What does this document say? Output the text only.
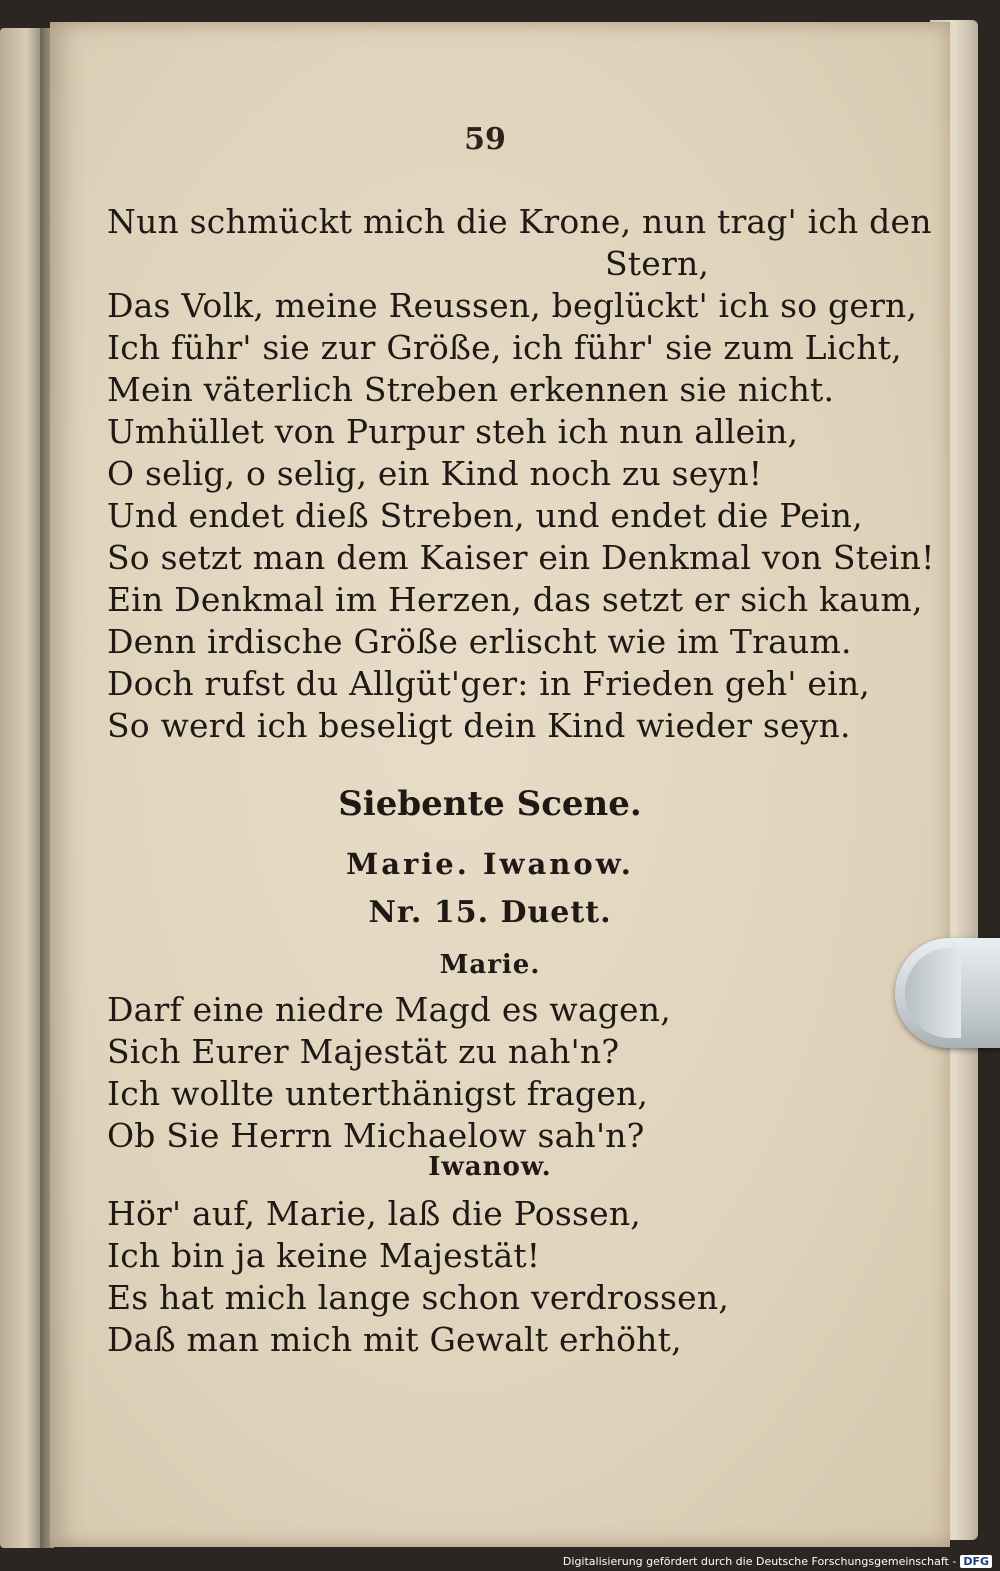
59

Nun schmückt mich die Krone, nun trag' ich den

Stern,

Das Volk, meine Reussen, beglückt' ich so gern,

Ich führ' sie zur Größe, ich führ' sie zum Licht,

Mein väterlich Streben erkennen sie nicht.

Umhüllet von Purpur steh ich nun allein,

O selig, o selig, ein Kind noch zu seyn!

Und endet dieß Streben, und endet die Pein,

So setzt man dem Kaiser ein Denkmal von Stein!

Ein Denkmal im Herzen, das setzt er sich kaum,

Denn irdische Größe erlischt wie im Traum.

Doch rufst du Allgüt'ger: in Frieden geh' ein,

So werd ich beseligt dein Kind wieder seyn.

Siebente Scene.
Marie. Iwanow.
Nr. 15. Duett.
Marie.

Darf eine niedre Magd es wagen,

Sich Eurer Majestät zu nah'n?

Ich wollte unterthänigst fragen,

Ob Sie Herrn Michaelow sah'n?

Iwanow.

Hör' auf, Marie, laß die Possen,

Ich bin ja keine Majestät!

Es hat mich lange schon verdrossen,

Daß man mich mit Gewalt erhöht,

Digitalisierung gefördert durch die Deutsche Forschungsgemeinschaft - DFG
